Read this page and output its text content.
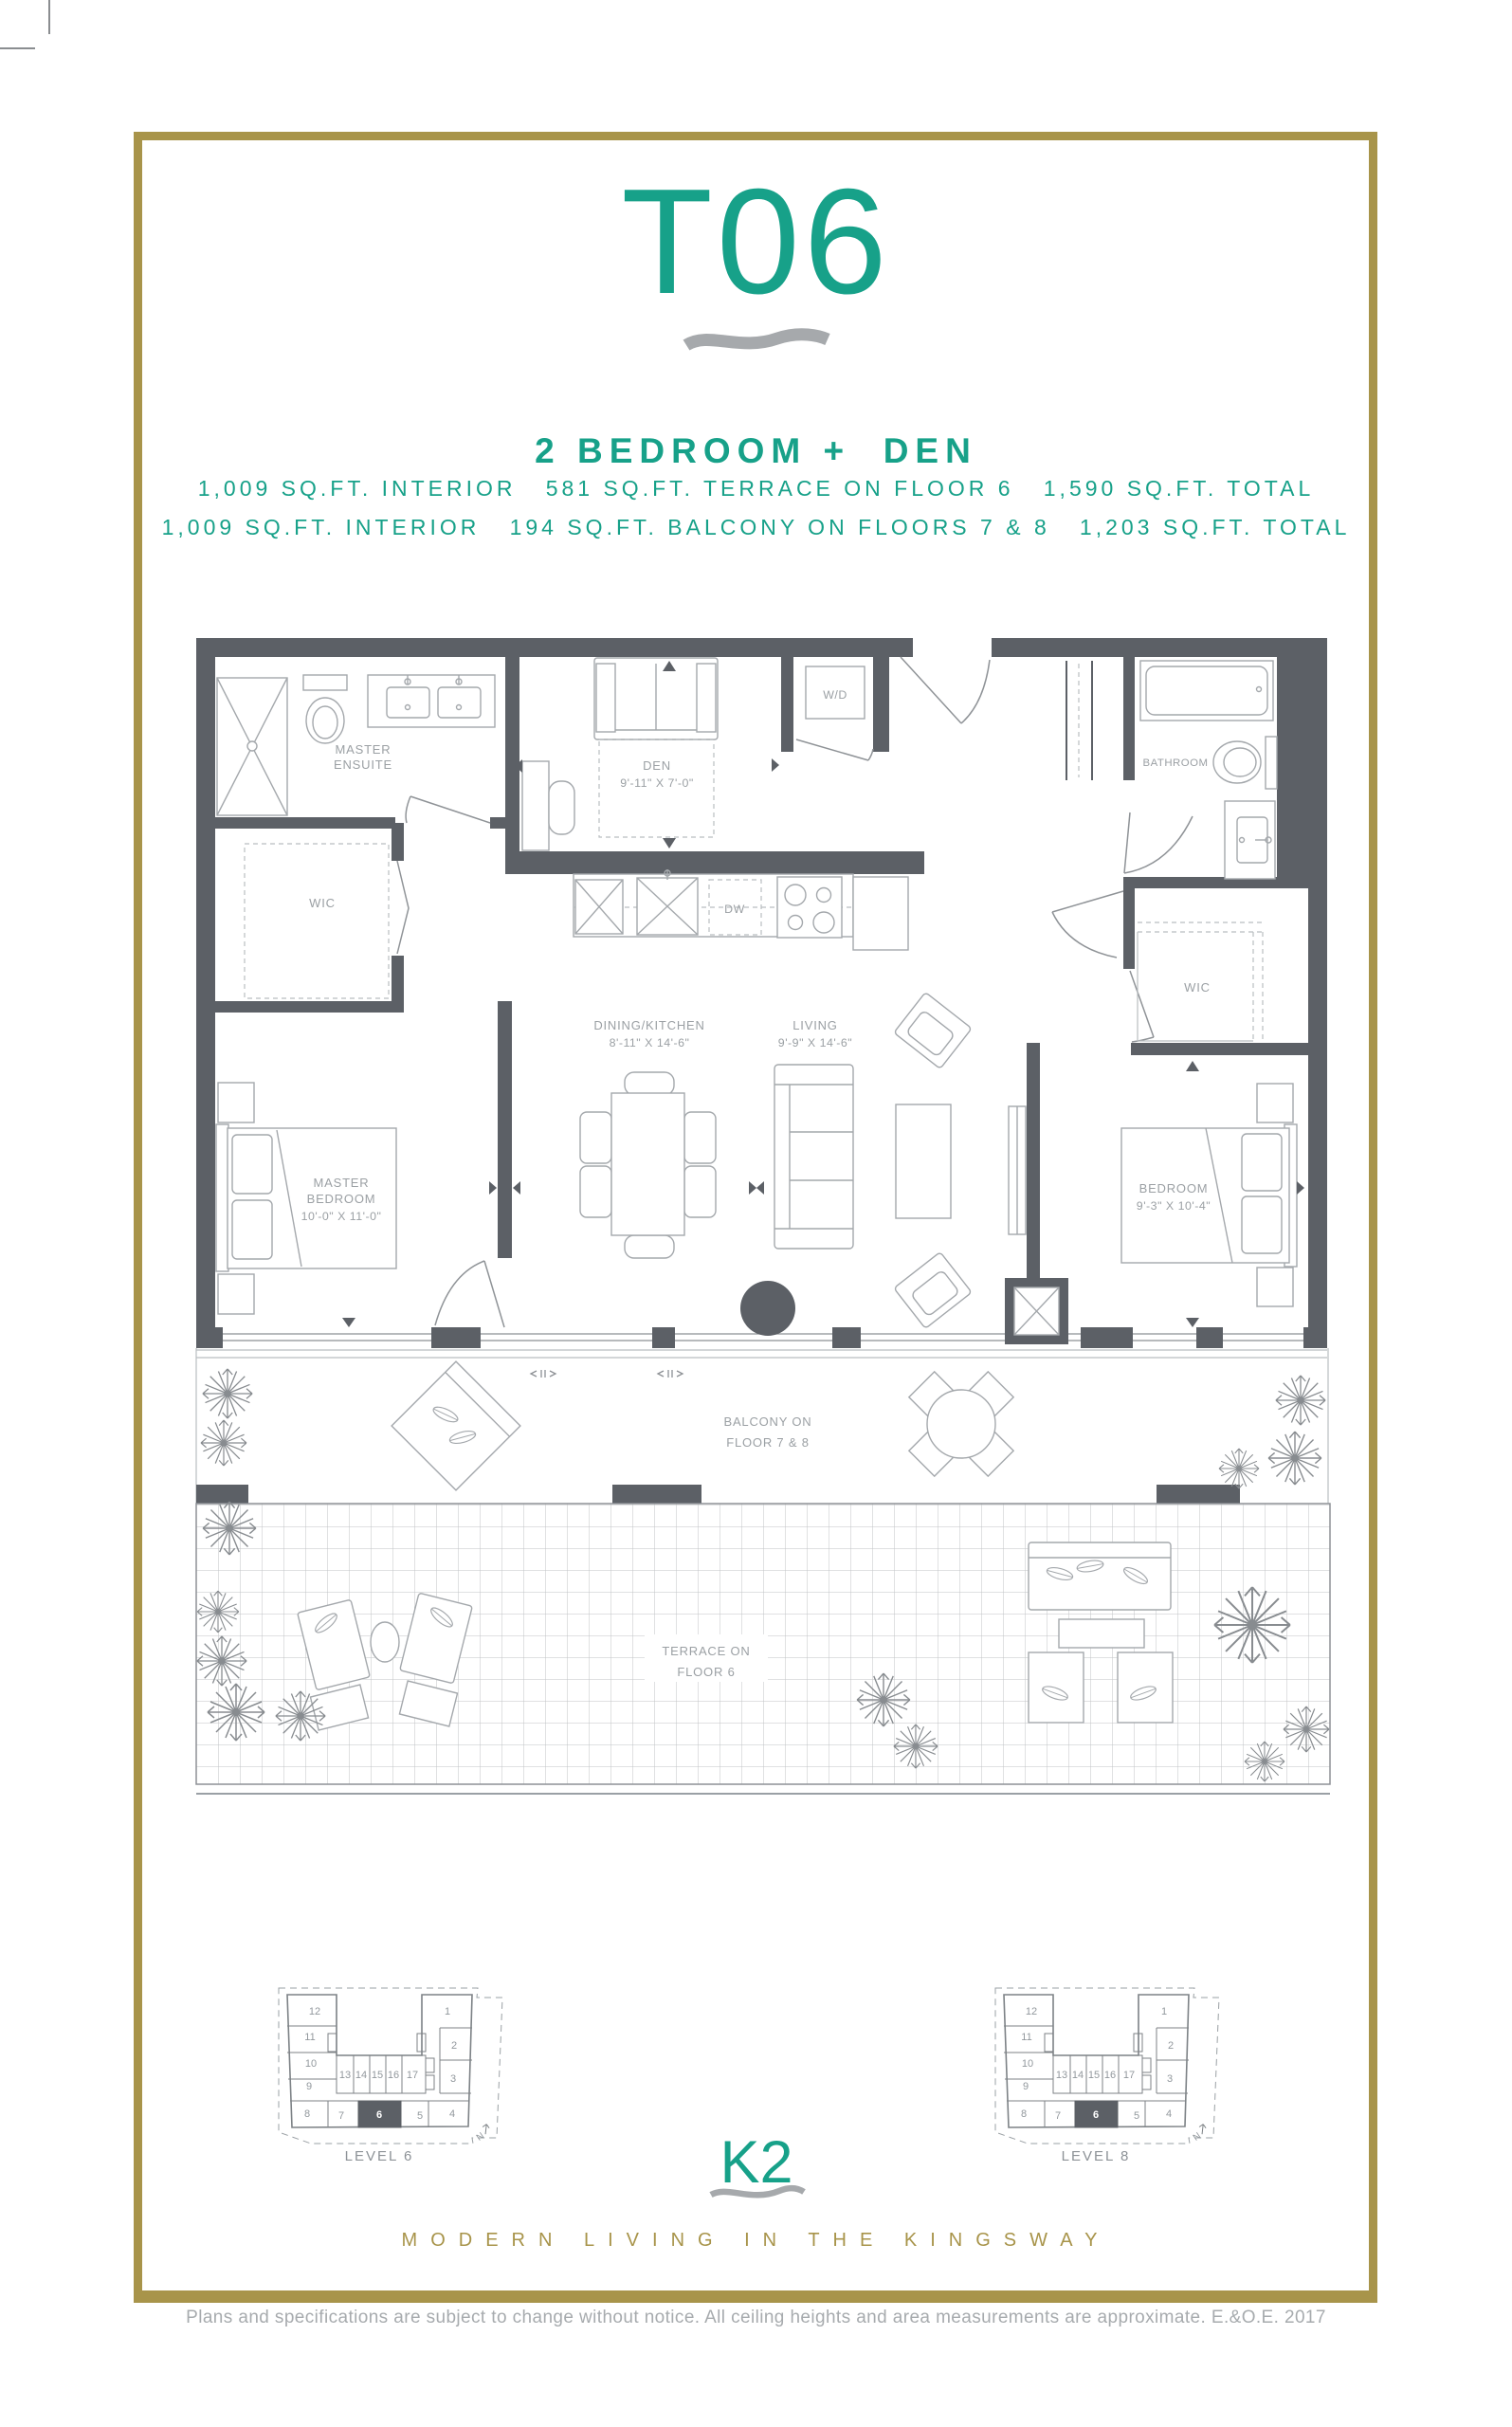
T06
2 BEDROOM +  DEN
1,009 SQ.FT. INTERIOR   581 SQ.FT. TERRACE ON FLOOR 6   1,590 SQ.FT. TOTAL
1,009 SQ.FT. INTERIOR   194 SQ.FT. BALCONY ON FLOORS 7 & 8   1,203 SQ.FT. TOTAL
MASTER
ENSUITE
WIC
DEN
9'-11" X 7'-0"
W/D
DW
BATHROOM
WIC
DINING/KITCHEN
8'-11" X 14'-6"
LIVING
9'-9" X 14'-6"
MASTER
BEDROOM
10'-0" X 11'-0"
BEDROOM
9'-3" X 10'-4"
BALCONY ON
FLOOR 7 & 8
TERRACE ON
FLOOR 6
12
11
10
9
8	7	6	5	4
3
2
1
13 14 15 16 17
LEVEL 6
N
12
11
10
9
8	7	6	5	4
3
2
1
13 14 15 16 17
LEVEL 8
N
K2
MODERN LIVING IN THE KINGSWAY
Plans and specifications are subject to change without notice. All ceiling heights and area measurements are approximate. E.&O.E. 2017
